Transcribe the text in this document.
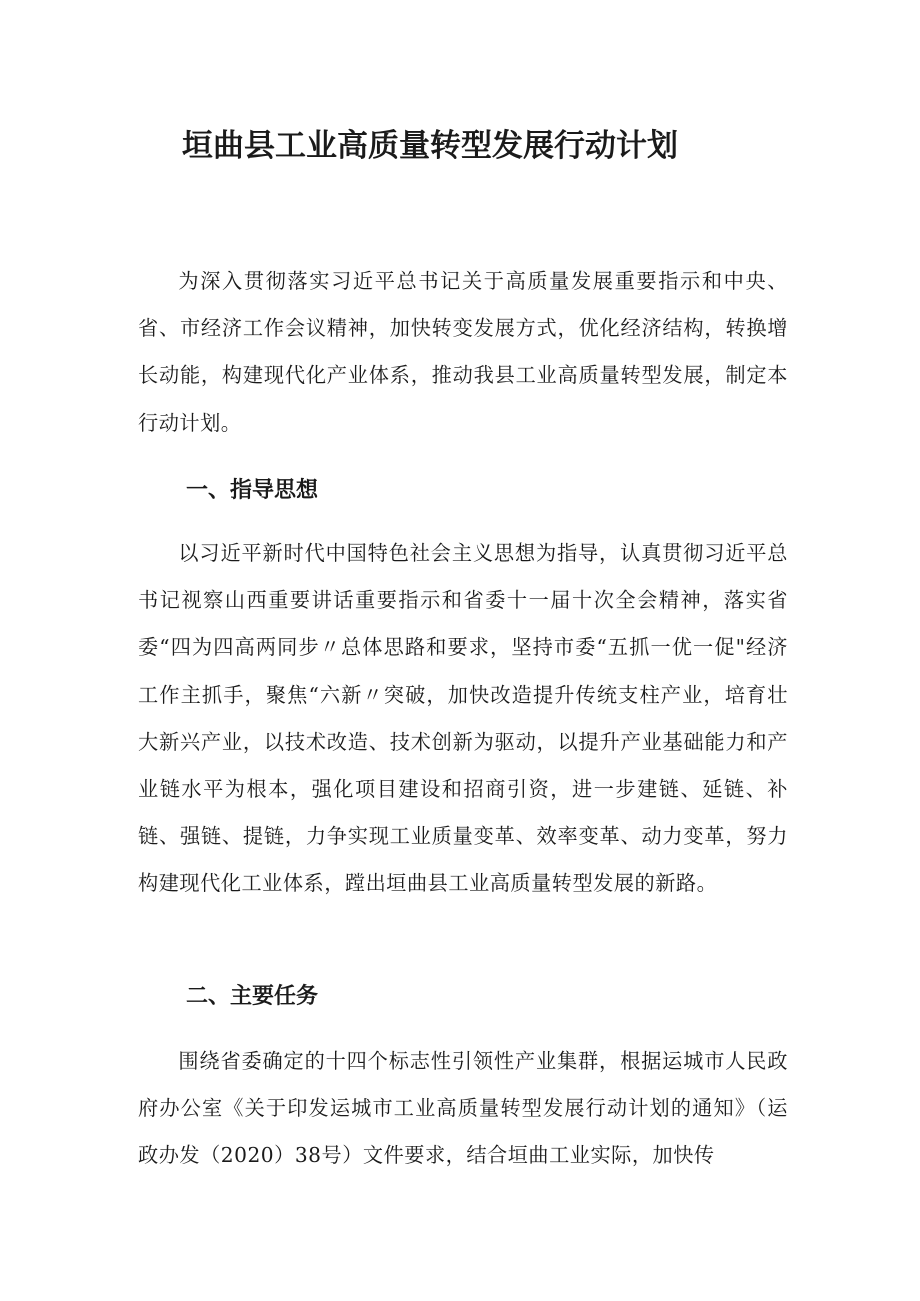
垣曲县工业高质量转型发展行动计划

为深入贯彻落实习近平总书记关于高质量发展重要指示和中央、省、市经济工作会议精神，加快转变发展方式，优化经济结构，转换增长动能，构建现代化产业体系，推动我县工业高质量转型发展，制定本行动计划。

一、指导思想

以习近平新时代中国特色社会主义思想为指导，认真贯彻习近平总书记视察山西重要讲话重要指示和省委十一届十次全会精神，落实省委“四为四高两同步〃总体思路和要求，坚持市委“五抓一优一促"经济工作主抓手，聚焦“六新〃突破，加快改造提升传统支柱产业，培育壮大新兴产业，以技术改造、技术创新为驱动，以提升产业基础能力和产业链水平为根本，强化项目建设和招商引资，进一步建链、延链、补链、强链、提链，力争实现工业质量变革、效率变革、动力变革，努力构建现代化工业体系，蹚出垣曲县工业高质量转型发展的新路。

二、主要任务

围绕省委确定的十四个标志性引领性产业集群，根据运城市人民政府办公室《关于印发运城市工业高质量转型发展行动计划的通知》（运政办发（2020）38号）文件要求，结合垣曲工业实际，加快传
